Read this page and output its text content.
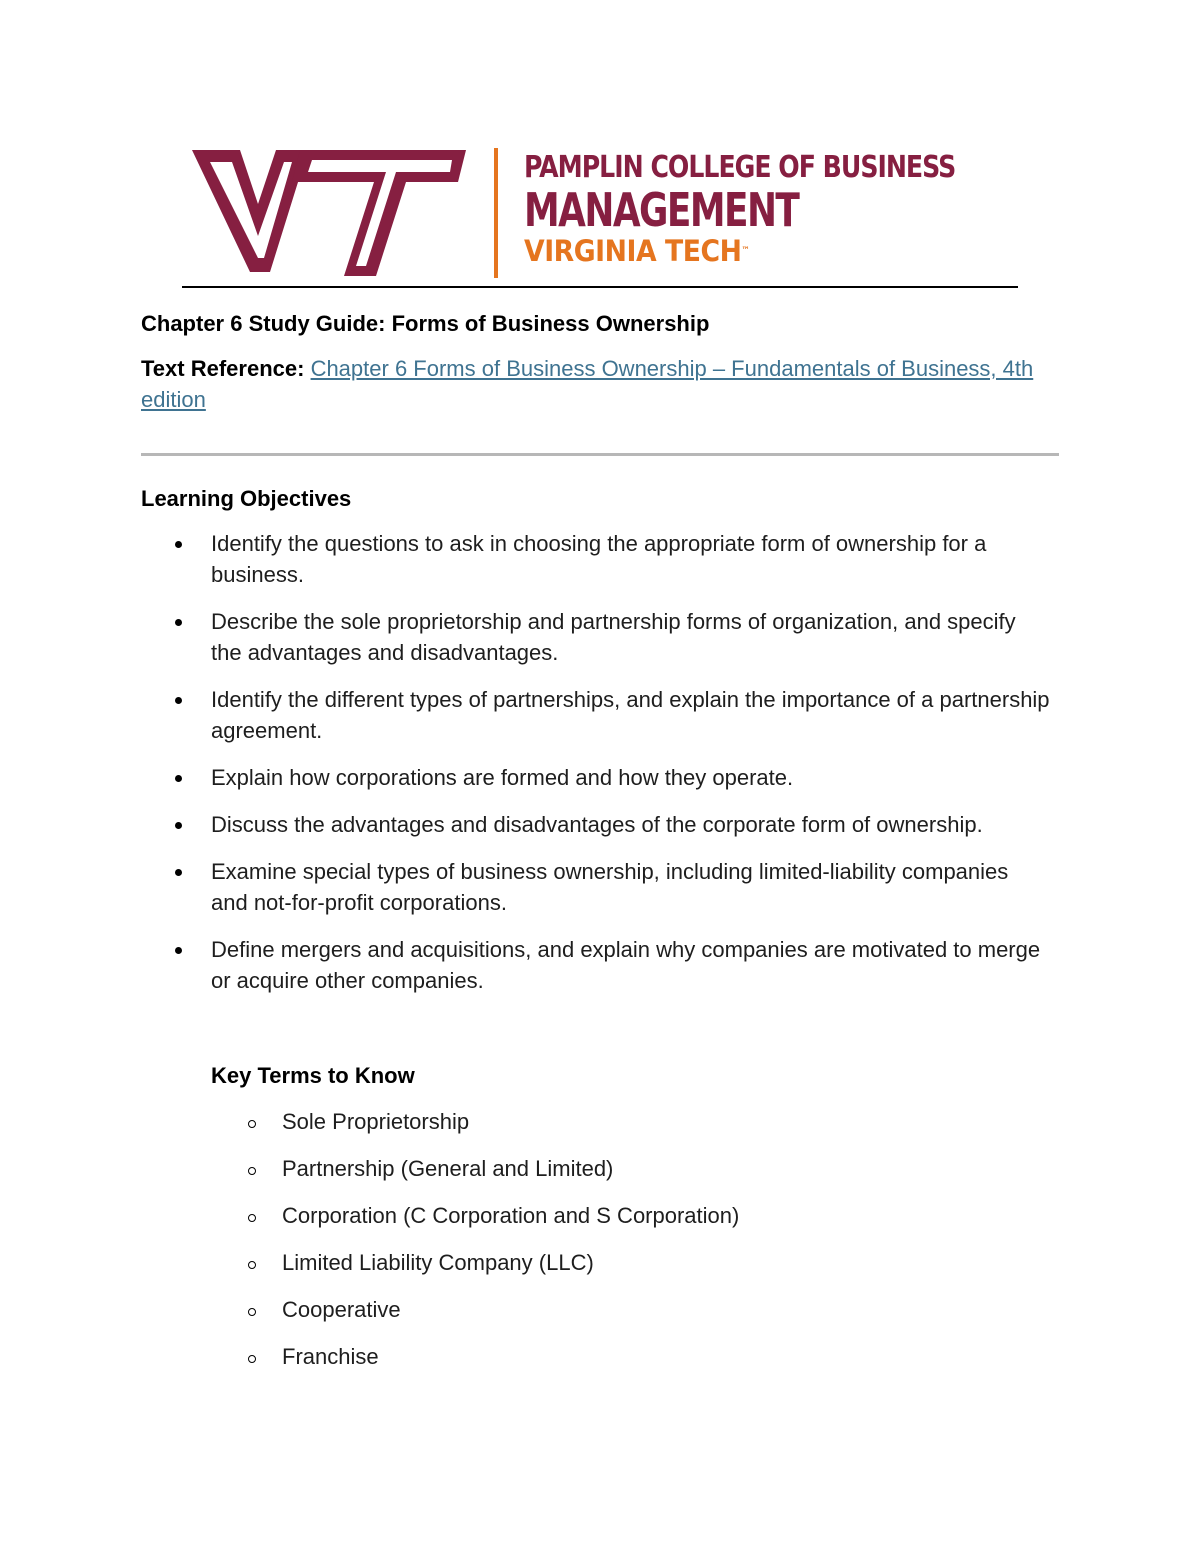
PAMPLIN COLLEGE OF BUSINESS
MANAGEMENT
VIRGINIA TECH™
Chapter 6 Study Guide: Forms of Business Ownership
Text Reference: Chapter 6 Forms of Business Ownership – Fundamentals of Business, 4th edition
Learning Objectives
Identify the questions to ask in choosing the appropriate form of ownership for a business.
Describe the sole proprietorship and partnership forms of organization, and specify the advantages and disadvantages.
Identify the different types of partnerships, and explain the importance of a partnership agreement.
Explain how corporations are formed and how they operate.
Discuss the advantages and disadvantages of the corporate form of ownership.
Examine special types of business ownership, including limited-liability companies and not-for-profit corporations.
Define mergers and acquisitions, and explain why companies are motivated to merge or acquire other companies.
Key Terms to Know
Sole Proprietorship
Partnership (General and Limited)
Corporation (C Corporation and S Corporation)
Limited Liability Company (LLC)
Cooperative
Franchise
